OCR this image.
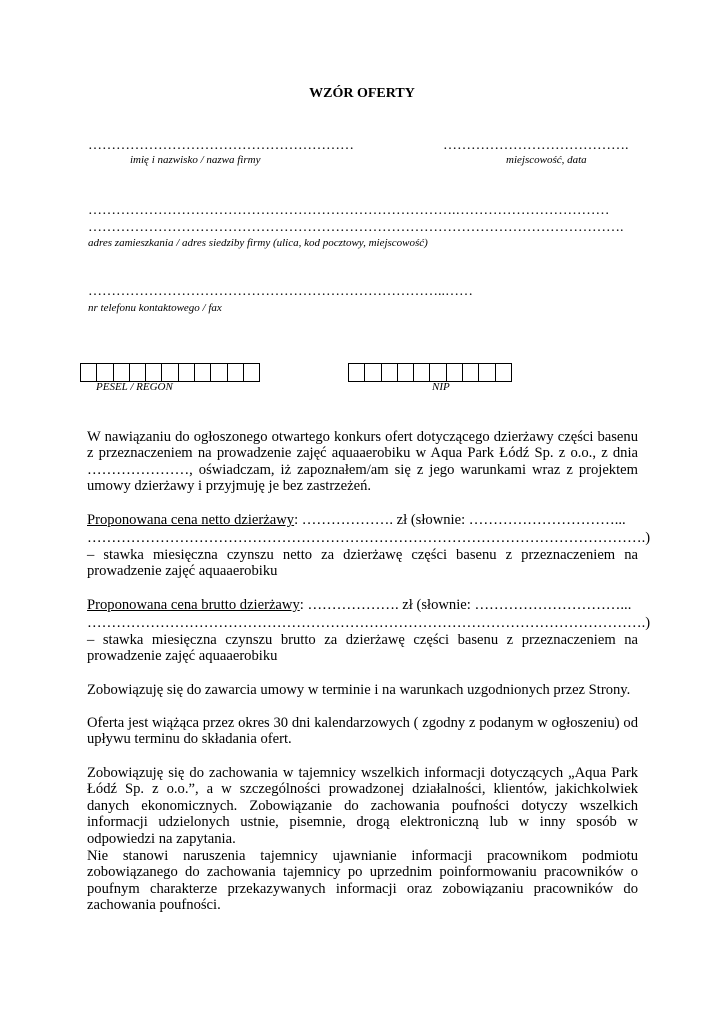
WZÓR OFERTY
…………………………………………………	………………………………….
imię i nazwisko / nazwa firmy	miejscowość, data
…………………………………………………………………….……………………………
…………………………………………………………………………………………………….
adres zamieszkania / adres siedziby firmy (ulica, kod pocztowy, miejscowość)
…………………………………………………………………..……
nr telefonu kontaktowego / fax
PESEL / REGON	NIP

W nawiązaniu do ogłoszonego otwartego konkurs ofert dotyczącego dzierżawy części basenu z przeznaczeniem na prowadzenie zajęć aquaaerobiku w Aqua Park Łódź Sp. z o.o., z dnia …………………, oświadczam, iż zapoznałem/am się z jego warunkami wraz z projektem umowy dzierżawy i przyjmuję je bez zastrzeżeń.

Proponowana cena netto dzierżawy: ………………. zł (słownie: …………………………...
…………………………………………………………………………………………………….)

– stawka miesięczna czynszu netto za dzierżawę części basenu z przeznaczeniem na prowadzenie zajęć aquaaerobiku

Proponowana cena brutto dzierżawy: ………………. zł (słownie: …………………………...
…………………………………………………………………………………………………….)

– stawka miesięczna czynszu brutto za dzierżawę części basenu z przeznaczeniem na prowadzenie zajęć aquaaerobiku

Zobowiązuję się do zawarcia umowy w terminie i na warunkach uzgodnionych przez Strony.

Oferta jest wiążąca przez okres 30 dni kalendarzowych ( zgodny z podanym w ogłoszeniu) od upływu terminu do składania ofert.

Zobowiązuję się do zachowania w tajemnicy wszelkich informacji dotyczących „Aqua Park Łódź Sp. z o.o.”, a w szczególności prowadzonej działalności, klientów, jakichkolwiek danych ekonomicznych. Zobowiązanie do zachowania poufności dotyczy wszelkich informacji udzielonych ustnie, pisemnie, drogą elektroniczną lub w inny sposób w odpowiedzi na zapytania.

Nie stanowi naruszenia tajemnicy ujawnianie informacji pracownikom podmiotu zobowiązanego do zachowania tajemnicy po uprzednim poinformowaniu pracowników o poufnym charakterze przekazywanych informacji oraz zobowiązaniu pracowników do zachowania poufności.
